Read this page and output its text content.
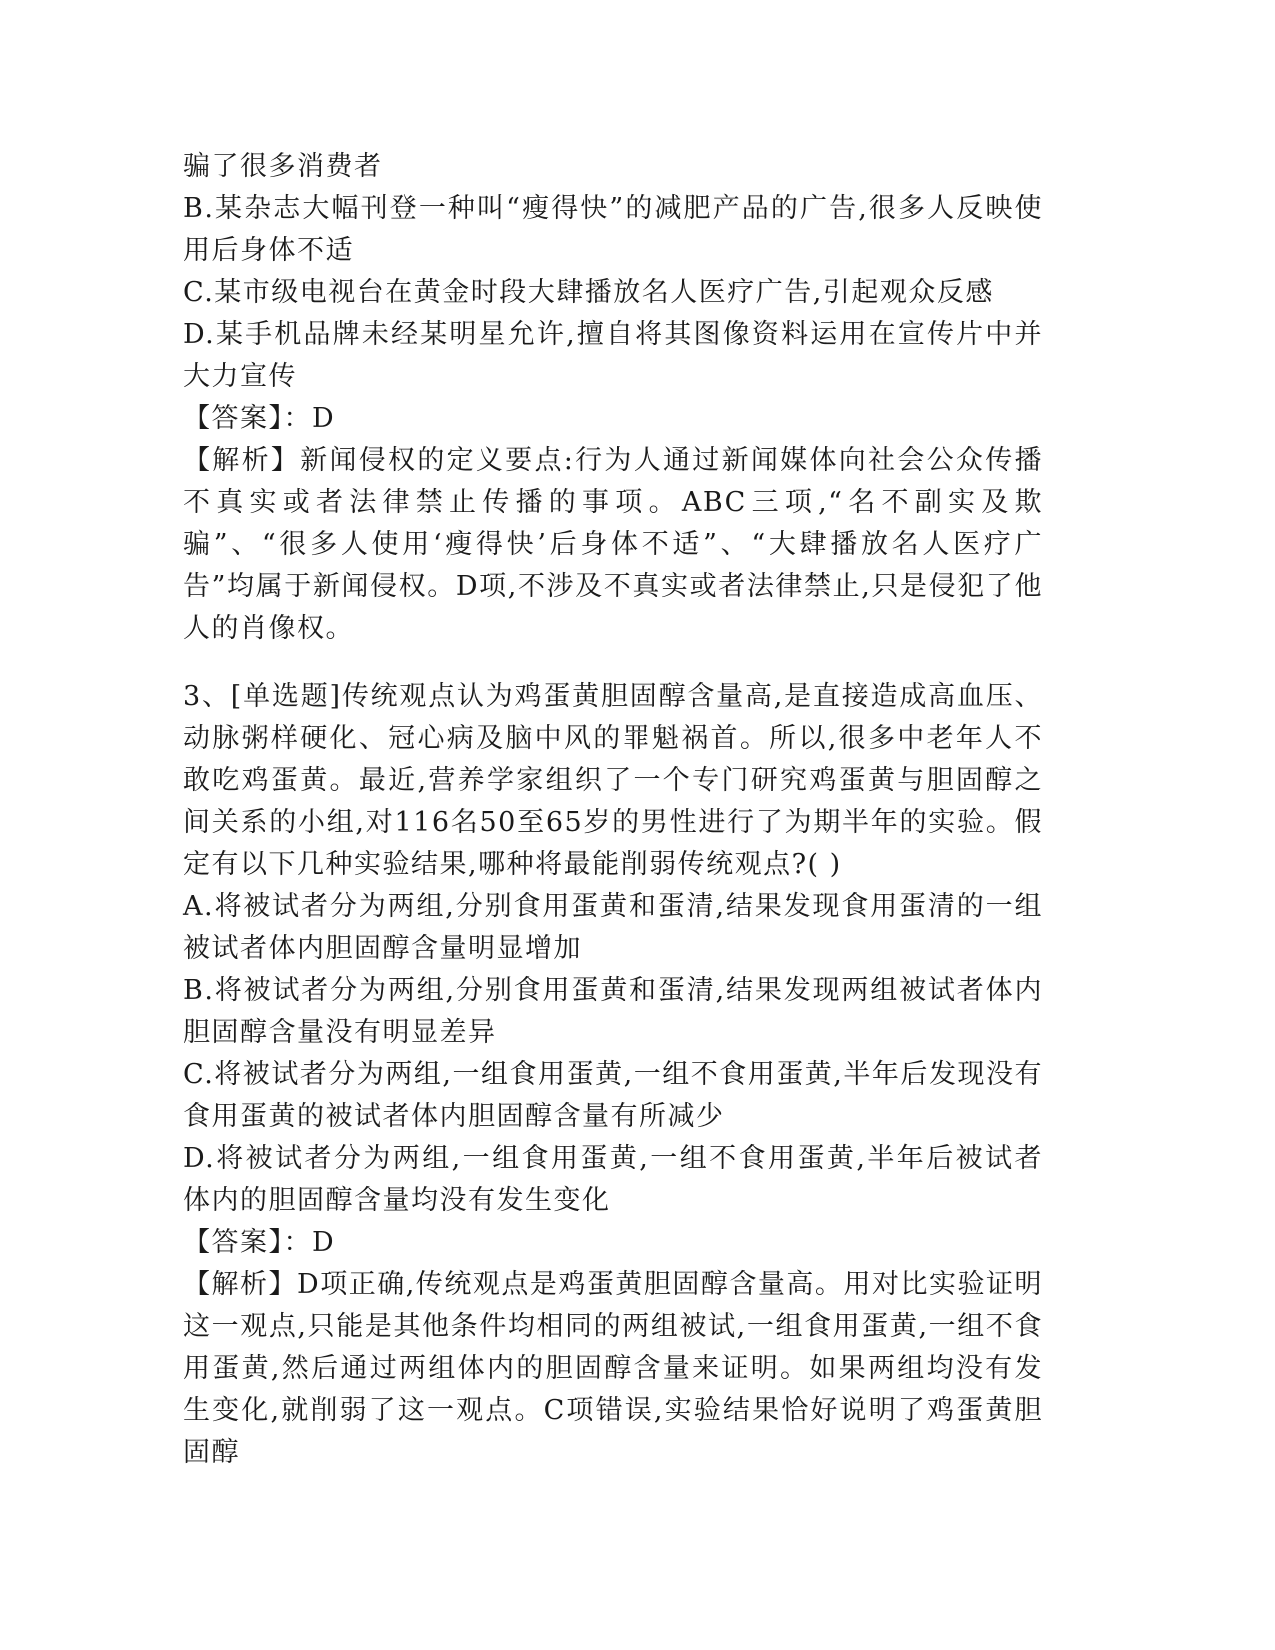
骗了很多消费者

B.某杂志大幅刊登一种叫“瘦得快”的减肥产品的广告,很多人反映使用后身体不适

C.某市级电视台在黄金时段大肆播放名人医疗广告,引起观众反感

D.某手机品牌未经某明星允许,擅自将其图像资料运用在宣传片中并大力宣传

【答案】：D

【解析】新闻侵权的定义要点:行为人通过新闻媒体向社会公众传播不真实或者法律禁止传播的事项。ABC三项,“名不副实及欺骗”、“很多人使用‘瘦得快’后身体不适”、“大肆播放名人医疗广告”均属于新闻侵权。D项,不涉及不真实或者法律禁止,只是侵犯了他人的肖像权。

3、[单选题]传统观点认为鸡蛋黄胆固醇含量高,是直接造成高血压、动脉粥样硬化、冠心病及脑中风的罪魁祸首。所以,很多中老年人不敢吃鸡蛋黄。最近,营养学家组织了一个专门研究鸡蛋黄与胆固醇之间关系的小组,对116名50至65岁的男性进行了为期半年的实验。假定有以下几种实验结果,哪种将最能削弱传统观点?( )

A.将被试者分为两组,分别食用蛋黄和蛋清,结果发现食用蛋清的一组被试者体内胆固醇含量明显增加

B.将被试者分为两组,分别食用蛋黄和蛋清,结果发现两组被试者体内胆固醇含量没有明显差异

C.将被试者分为两组,一组食用蛋黄,一组不食用蛋黄,半年后发现没有食用蛋黄的被试者体内胆固醇含量有所减少

D.将被试者分为两组,一组食用蛋黄,一组不食用蛋黄,半年后被试者体内的胆固醇含量均没有发生变化

【答案】：D

【解析】D项正确,传统观点是鸡蛋黄胆固醇含量高。用对比实验证明这一观点,只能是其他条件均相同的两组被试,一组食用蛋黄,一组不食用蛋黄,然后通过两组体内的胆固醇含量来证明。如果两组均没有发生变化,就削弱了这一观点。C项错误,实验结果恰好说明了鸡蛋黄胆固醇
